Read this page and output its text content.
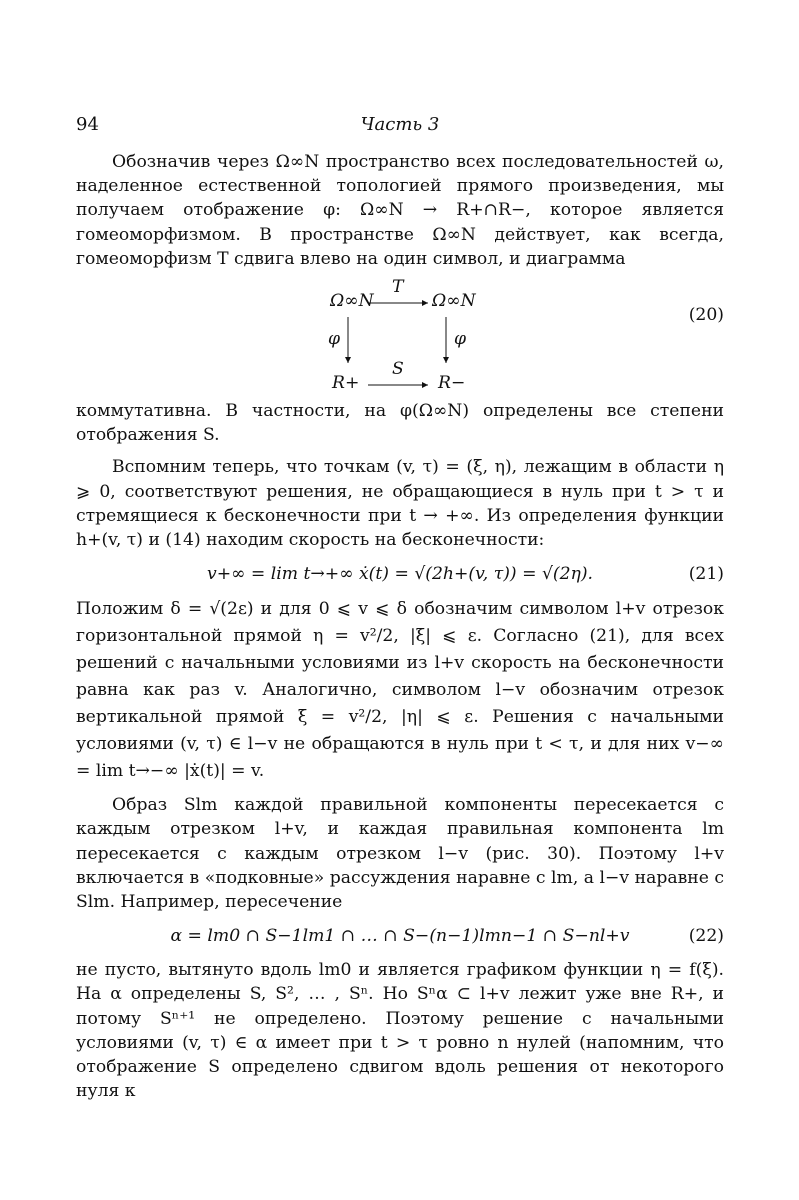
94	Часть 3

Обозначив через Ω∞N пространство всех последовательностей ω, наделенное естественной топологией прямого произведения, мы получаем отображение φ: Ω∞N → R+∩R−, которое является гомеоморфизмом. В пространстве Ω∞N действует, как всегда, гомеоморфизм T сдвига влево на один символ, и диаграмма

Ω∞N	Ω∞N
T
φ	φ
R+	R−
S
(20)

коммутативна. В частности, на φ(Ω∞N) определены все степени отображения S.

Вспомним теперь, что точкам (v, τ) = (ξ, η), лежащим в области η ⩾ 0, соответствуют решения, не обращающиеся в нуль при t > τ и стремящиеся к бесконечности при t → +∞. Из определения функции h+(v, τ) и (14) находим скорость на бесконечности:

v+∞ = lim t→+∞ ẋ(t) = √(2h+(v, τ)) = √(2η).	(21)

Положим δ = √(2ε) и для 0 ⩽ v ⩽ δ обозначим символом l+v отрезок горизонтальной прямой η = v²/2, |ξ| ⩽ ε. Согласно (21), для всех решений с начальными условиями из l+v скорость на бесконечности равна как раз v. Аналогично, символом l−v обозначим отрезок вертикальной прямой ξ = v²/2, |η| ⩽ ε. Решения с начальными условиями (v, τ) ∈ l−v не обращаются в нуль при t < τ, и для них v−∞ = lim t→−∞ |ẋ(t)| = v.

Образ Slm каждой правильной компоненты пересекается с каждым отрезком l+v, и каждая правильная компонента lm пересекается с каждым отрезком l−v (рис. 30). Поэтому l+v включается в «подковные» рассуждения наравне с lm, а l−v наравне с Slm. Например, пересечение

α = lm0 ∩ S−1lm1 ∩ … ∩ S−(n−1)lmn−1 ∩ S−nl+v	(22)

не пусто, вытянуто вдоль lm0 и является графиком функции η = f(ξ). На α определены S, S², … , Sⁿ. Но Sⁿα ⊂ l+v лежит уже вне R+, и потому Sⁿ⁺¹ не определено. Поэтому решение с начальными условиями (v, τ) ∈ α имеет при t > τ ровно n нулей (напомним, что отображение S определено сдвигом вдоль решения от некоторого нуля к
